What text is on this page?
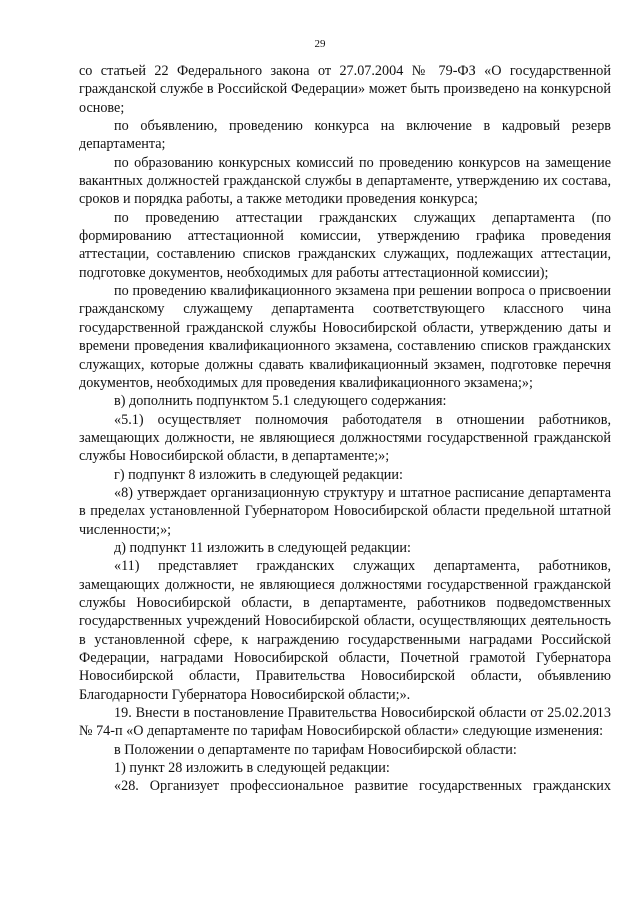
29

со статьей 22 Федерального закона от 27.07.2004 № 79-ФЗ «О государственной гражданской службе в Российской Федерации» может быть произведено на конкурсной основе;

по объявлению, проведению конкурса на включение в кадровый резерв департамента;

по образованию конкурсных комиссий по проведению конкурсов на замещение вакантных должностей гражданской службы в департаменте, утверждению их состава, сроков и порядка работы, а также методики проведения конкурса;

по проведению аттестации гражданских служащих департамента (по формированию аттестационной комиссии, утверждению графика проведения аттестации, составлению списков гражданских служащих, подлежащих аттестации, подготовке документов, необходимых для работы аттестационной комиссии);

по проведению квалификационного экзамена при решении вопроса о присвоении гражданскому служащему департамента соответствующего классного чина государственной гражданской службы Новосибирской области, утверждению даты и времени проведения квалификационного экзамена, составлению списков гражданских служащих, которые должны сдавать квалификационный экзамен, подготовке перечня документов, необходимых для проведения квалификационного экзамена;»;

в) дополнить подпунктом 5.1 следующего содержания:

«5.1) осуществляет полномочия работодателя в отношении работников, замещающих должности, не являющиеся должностями государственной гражданской службы Новосибирской области, в департаменте;»;

г) подпункт 8 изложить в следующей редакции:

«8) утверждает организационную структуру и штатное расписание департамента в пределах установленной Губернатором Новосибирской области предельной штатной численности;»;

д) подпункт 11 изложить в следующей редакции:

«11) представляет гражданских служащих департамента, работников, замещающих должности, не являющиеся должностями государственной гражданской службы Новосибирской области, в департаменте, работников подведомственных государственных учреждений Новосибирской области, осуществляющих деятельность в установленной сфере, к награждению государственными наградами Российской Федерации, наградами Новосибирской области, Почетной грамотой Губернатора Новосибирской области, Правительства Новосибирской области, объявлению Благодарности Губернатора Новосибирской области;».

19. Внести в постановление Правительства Новосибирской области от 25.02.2013 № 74-п «О департаменте по тарифам Новосибирской области» следующие изменения:

в Положении о департаменте по тарифам Новосибирской области:

1) пункт 28 изложить в следующей редакции:

«28. Организует профессиональное развитие государственных гражданских
